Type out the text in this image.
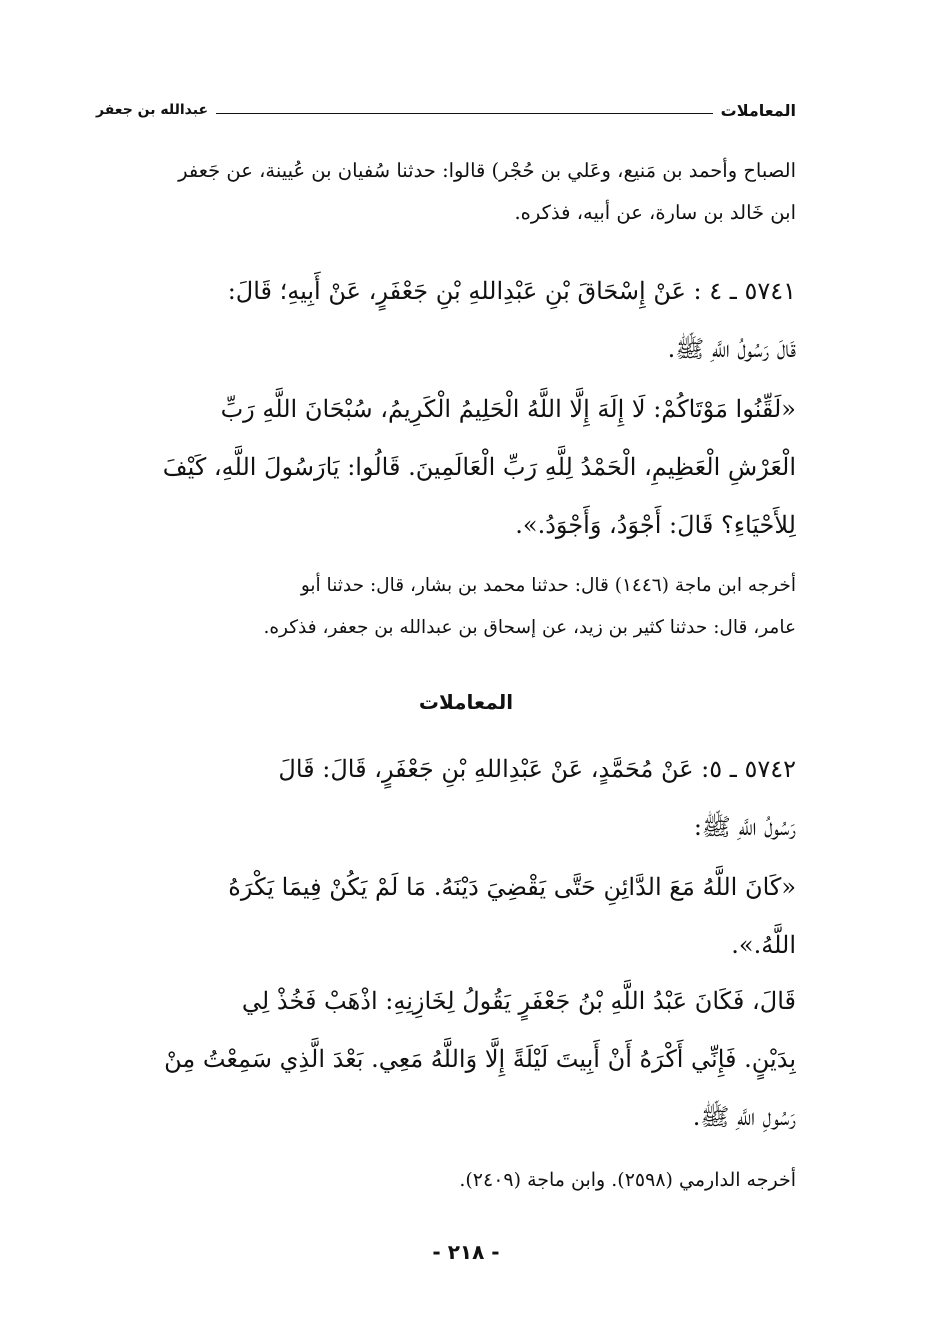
المعاملات
عبدالله بن جعفر
الصباح وأحمد بن مَنيع، وعَلي بن حُجْر) قالوا: حدثنا سُفيان بن عُيينة، عن جَعفر
ابن خَالد بن سارة، عن أبيه، فذكره.
٥٧٤١ ـ ٤ : عَنْ إِسْحَاقَ بْنِ عَبْدِاللهِ بْنِ جَعْفَرٍ، عَنْ أَبِيهِ؛ قَالَ:
قَالَ رَسُولُ اللَّهِ ﷺ.
«لَقِّنُوا مَوْتَاكُمْ: لَا إِلَهَ إِلَّا اللَّهُ الْحَلِيمُ الْكَرِيمُ، سُبْحَانَ اللَّهِ رَبِّ
الْعَرْشِ الْعَظِيمِ، الْحَمْدُ لِلَّهِ رَبِّ الْعَالَمِينَ. قَالُوا: يَارَسُولَ اللَّهِ، كَيْفَ
لِلأَحْيَاءِ؟ قَالَ: أَجْوَدُ، وَأَجْوَدُ.».
أخرجه ابن ماجة (١٤٤٦) قال: حدثنا محمد بن بشار، قال: حدثنا أبو
عامر، قال: حدثنا كثير بن زيد، عن إسحاق بن عبدالله بن جعفر، فذكره.
المعاملات
٥٧٤٢ ـ ٥: عَنْ مُحَمَّدٍ، عَنْ عَبْدِاللهِ بْنِ جَعْفَرٍ، قَالَ: قَالَ
رَسُولُ اللَّهِ ﷺ:
«كَانَ اللَّهُ مَعَ الدَّائِنِ حَتَّى يَقْضِيَ دَيْنَهُ. مَا لَمْ يَكُنْ فِيمَا يَكْرَهُ
اللَّهُ.».
قَالَ، فَكَانَ عَبْدُ اللَّهِ بْنُ جَعْفَرٍ يَقُولُ لِخَازِنِهِ: اذْهَبْ فَخُذْ لِي
بِدَيْنٍ. فَإِنِّي أَكْرَهُ أَنْ أَبِيتَ لَيْلَةً إِلَّا وَاللَّهُ مَعِي. بَعْدَ الَّذِي سَمِعْتُ مِنْ
رَسُولِ اللَّهِ ﷺ.
أخرجه الدارمي (٢٥٩٨). وابن ماجة (٢٤٠٩).
- ٢١٨ -
